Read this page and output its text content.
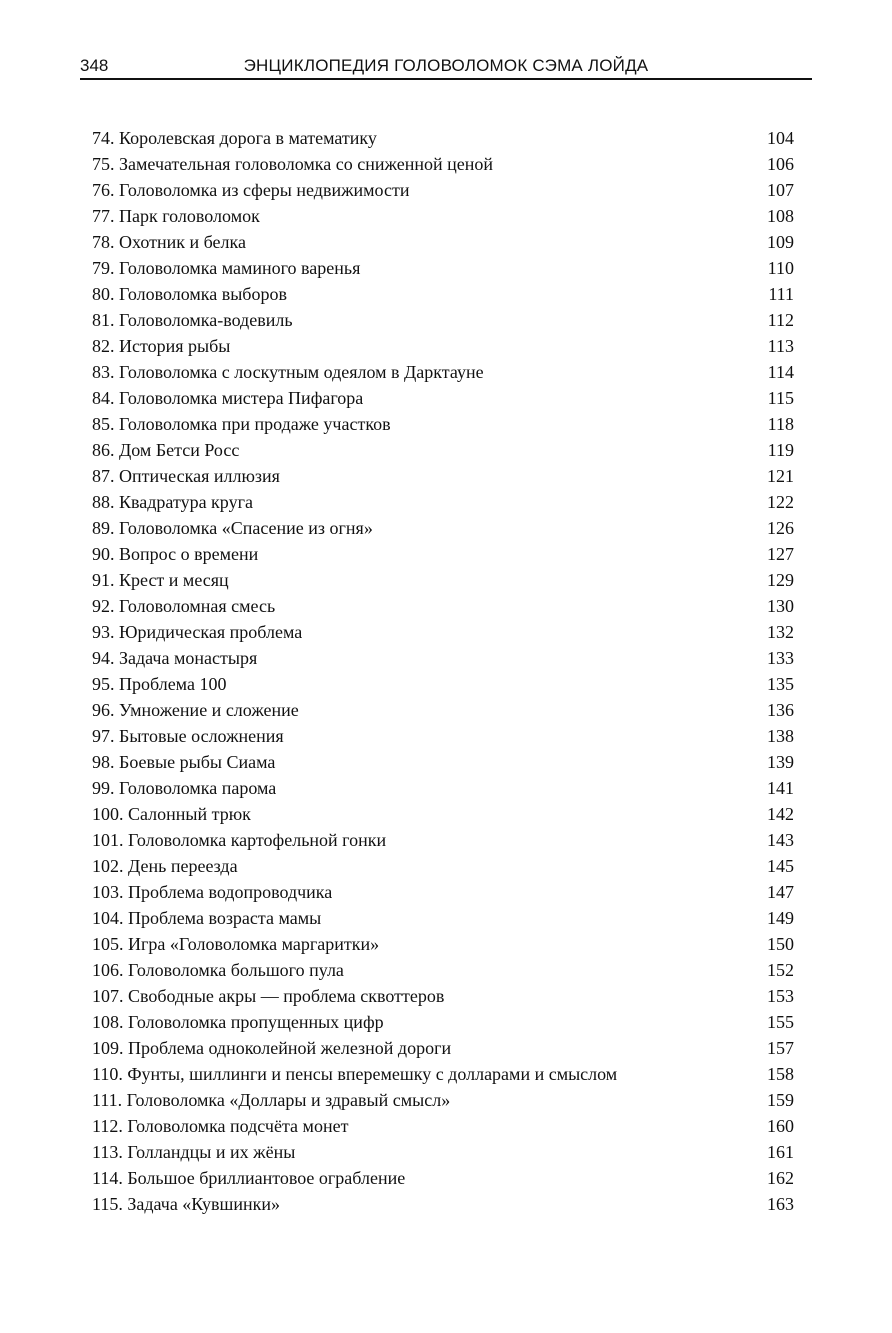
348	ЭНЦИКЛОПЕДИЯ ГОЛОВОЛОМОК СЭМА ЛОЙДА
74. Королевская дорога в математику	104
75. Замечательная головоломка со сниженной ценой	106
76. Головоломка из сферы недвижимости	107
77. Парк головоломок	108
78. Охотник и белка	109
79. Головоломка маминого варенья	110
80. Головоломка выборов	111
81. Головоломка-водевиль	112
82. История рыбы	113
83. Головоломка с лоскутным одеялом в Дарктауне	114
84. Головоломка мистера Пифагора	115
85. Головоломка при продаже участков	118
86. Дом Бетси Росс	119
87. Оптическая иллюзия	121
88. Квадратура круга	122
89. Головоломка «Спасение из огня»	126
90. Вопрос о времени	127
91. Крест и месяц	129
92. Головоломная смесь	130
93. Юридическая проблема	132
94. Задача монастыря	133
95. Проблема 100	135
96. Умножение и сложение	136
97. Бытовые осложнения	138
98. Боевые рыбы Сиама	139
99. Головоломка парома	141
100. Салонный трюк	142
101. Головоломка картофельной гонки	143
102. День переезда	145
103. Проблема водопроводчика	147
104. Проблема возраста мамы	149
105. Игра «Головоломка маргаритки»	150
106. Головоломка большого пула	152
107. Свободные акры — проблема сквоттеров	153
108. Головоломка пропущенных цифр	155
109. Проблема одноколейной железной дороги	157
110. Фунты, шиллинги и пенсы вперемешку с долларами и смыслом	158
111. Головоломка «Доллары и здравый смысл»	159
112. Головоломка подсчёта монет	160
113. Голландцы и их жёны	161
114. Большое бриллиантовое ограбление	162
115. Задача «Кувшинки»	163
